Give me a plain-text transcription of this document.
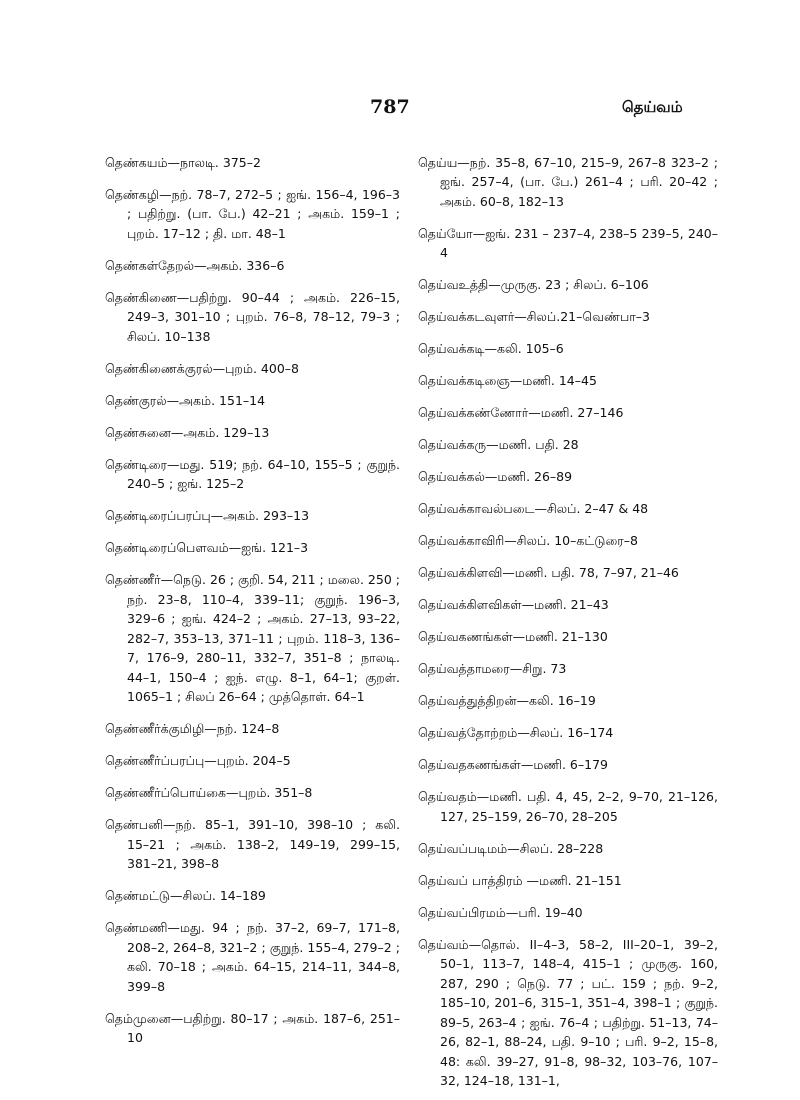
787	தெய்வம்

தெண்கயம்—நாலடி. 375–2

தெண்கழி—நற். 78–7, 272–5 ; ஐங். 156–4, 196–3 ; பதிற்று. (பா. பே.) 42–21 ; அகம். 159–1 ; புறம். 17–12 ; தி. மா. 48–1

தெண்கள்தேறல்—அகம். 336–6

தெண்கிணை—பதிற்று. 90–44 ; அகம். 226–15, 249–3, 301–10 ; புறம். 76–8, 78–12, 79–3 ; சிலப். 10–138

தெண்கிணைக்குரல்—புறம். 400–8

தெண்குரல்—அகம். 151–14

தெண்சுனை—அகம். 129–13

தெண்டிரை—மது. 519; நற். 64–10, 155–5 ; குறுந். 240–5 ; ஐங். 125–2

தெண்டிரைப்பரப்பு—அகம். 293–13

தெண்டிரைப்பௌவம்—ஐங். 121–3

தெண்ணீர்—நெடு. 26 ; குறி. 54, 211 ; மலை. 250 ; நற். 23–8, 110–4, 339–11; குறுந். 196–3, 329–6 ; ஐங். 424–2 ; அகம். 27–13, 93–22, 282–7, 353–13, 371–11 ; புறம். 118–3, 136–7, 176–9, 280–11, 332–7, 351–8 ; நாலடி. 44–1, 150–4 ; ஐந். எழு. 8–1, 64–1; குறள். 1065–1 ; சிலப் 26–64 ; முத்தொள். 64–1

தெண்ணீர்க்குமிழி—நற். 124–8

தெண்ணீர்ப்பரப்பு—புறம். 204–5

தெண்ணீர்ப்பொய்கை—புறம். 351–8

தெண்பனி—நற். 85–1, 391–10, 398–10 ; கலி. 15–21 ; அகம். 138–2, 149–19, 299–15, 381–21, 398–8

தெண்மட்டு—சிலப். 14–189

தெண்மணி—மது. 94 ; நற். 37–2, 69–7, 171–8, 208–2, 264–8, 321–2 ; குறுந். 155–4, 279–2 ; கலி. 70–18 ; அகம். 64–15, 214–11, 344–8, 399–8

தெம்முனை—பதிற்று. 80–17 ; அகம். 187–6, 251–10

தெய்ய—நற். 35–8, 67–10, 215–9, 267–8 323–2 ; ஐங். 257–4, (பா. பே.) 261–4 ; பரி. 20–42 ; அகம். 60–8, 182–13

தெய்யோ—ஐங். 231 – 237–4, 238–5 239–5, 240–4

தெய்வஉத்தி—முருகு. 23 ; சிலப். 6–106

தெய்வக்கடவுளர்—சிலப்.21–வெண்பா–3

தெய்வக்கடி—கலி. 105–6

தெய்வக்கடிஞை—மணி. 14–45

தெய்வக்கண்ணோர்—மணி. 27–146

தெய்வக்கரு—மணி. பதி. 28

தெய்வக்கல்—மணி. 26–89

தெய்வக்காவல்படை—சிலப். 2–47 & 48

தெய்வக்காவிரி—சிலப். 10–கட்டுரை–8

தெய்வக்கிளவி—மணி. பதி. 78, 7–97, 21–46

தெய்வக்கிளவிகள்—மணி. 21–43

தெய்வகணங்கள்—மணி. 21–130

தெய்வத்தாமரை—சிறு. 73

தெய்வத்துத்திறன்—கலி. 16–19

தெய்வத்தோற்றம்—சிலப். 16–174

தெய்வதகணங்கள்—மணி. 6–179

தெய்வதம்—மணி. பதி. 4, 45, 2–2, 9–70, 21–126, 127, 25–159, 26–70, 28–205

தெய்வப்படிமம்—சிலப். 28–228

தெய்வப் பாத்திரம் —மணி. 21–151

தெய்வப்பிரமம்—பரி. 19–40

தெய்வம்—தொல். II–4–3, 58–2, III–20–1, 39–2, 50–1, 113–7, 148–4, 415–1 ; முருகு. 160, 287, 290 ; நெடு. 77 ; பட். 159 ; நற். 9–2, 185–10, 201–6, 315–1, 351–4, 398–1 ; குறுந். 89–5, 263–4 ; ஐங். 76–4 ; பதிற்று. 51–13, 74–26, 82–1, 88–24, பதி. 9–10 ; பரி. 9–2, 15–8, 48: கலி. 39–27, 91–8, 98–32, 103–76, 107–32, 124–18, 131–1,
